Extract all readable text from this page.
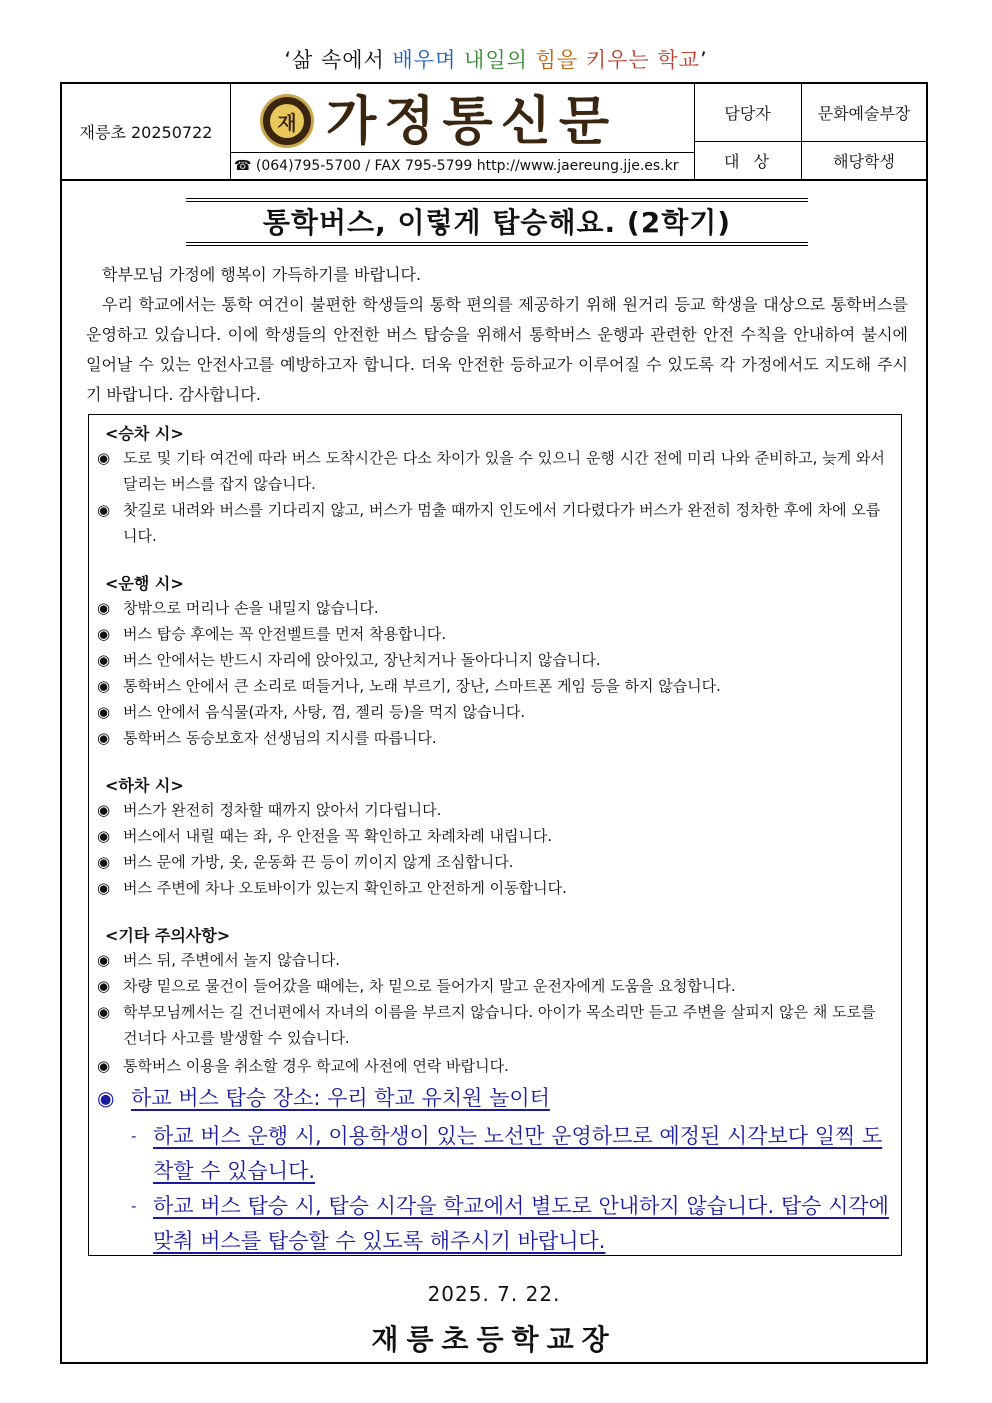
‘삶 속에서 배우며 내일의 힘을 키우는 학교’
재릉초 20250722	재 가정통신문
☎ (064)795-5700 / FAX 795-5799 http://www.jaereung.jje.es.kr
담당자	문화예술부장
대상	해당학생
통학버스, 이렇게 탑승해요. (2학기)

학부모님 가정에 행복이 가득하기를 바랍니다.

우리 학교에서는 통학 여건이 불편한 학생들의 통학 편의를 제공하기 위해 원거리 등교 학생을 대상으로 통학버스를 운영하고 있습니다. 이에 학생들의 안전한 버스 탑승을 위해서 통학버스 운행과 관련한 안전 수칙을 안내하여 불시에 일어날 수 있는 안전사고를 예방하고자 합니다. 더욱 안전한 등하교가 이루어질 수 있도록 각 가정에서도 지도해 주시기 바랍니다. 감사합니다.

<승차 시>
◉ 도로 및 기타 여건에 따라 버스 도착시간은 다소 차이가 있을 수 있으니 운행 시간 전에 미리 나와 준비하고, 늦게 와서 달리는 버스를 잡지 않습니다.
◉ 찻길로 내려와 버스를 기다리지 않고, 버스가 멈출 때까지 인도에서 기다렸다가 버스가 완전히 정차한 후에 차에 오릅니다.
<운행 시>
◉ 창밖으로 머리나 손을 내밀지 않습니다.
◉ 버스 탑승 후에는 꼭 안전벨트를 먼저 착용합니다.
◉ 버스 안에서는 반드시 자리에 앉아있고, 장난치거나 돌아다니지 않습니다.
◉ 통학버스 안에서 큰 소리로 떠들거나, 노래 부르기, 장난, 스마트폰 게임 등을 하지 않습니다.
◉ 버스 안에서 음식물(과자, 사탕, 껌, 젤리 등)을 먹지 않습니다.
◉ 통학버스 동승보호자 선생님의 지시를 따릅니다.
<하차 시>
◉ 버스가 완전히 정차할 때까지 앉아서 기다립니다.
◉ 버스에서 내릴 때는 좌, 우 안전을 꼭 확인하고 차례차례 내립니다.
◉ 버스 문에 가방, 옷, 운동화 끈 등이 끼이지 않게 조심합니다.
◉ 버스 주변에 차나 오토바이가 있는지 확인하고 안전하게 이동합니다.
<기타 주의사항>
◉ 버스 뒤, 주변에서 놀지 않습니다.
◉ 차량 밑으로 물건이 들어갔을 때에는, 차 밑으로 들어가지 말고 운전자에게 도움을 요청합니다.
◉ 학부모님께서는 길 건너편에서 자녀의 이름을 부르지 않습니다. 아이가 목소리만 듣고 주변을 살피지 않은 채 도로를 건너다 사고를 발생할 수 있습니다.
◉ 통학버스 이용을 취소할 경우 학교에 사전에 연락 바랍니다.
◉ 하교 버스 탑승 장소: 우리 학교 유치원 놀이터
- 하교 버스 운행 시, 이용학생이 있는 노선만 운영하므로 예정된 시각보다 일찍 도착할 수 있습니다.
- 하교 버스 탑승 시, 탑승 시각을 학교에서 별도로 안내하지 않습니다. 탑승 시각에 맞춰 버스를 탑승할 수 있도록 해주시기 바랍니다.
2025. 7. 22.
재릉초등학교장
